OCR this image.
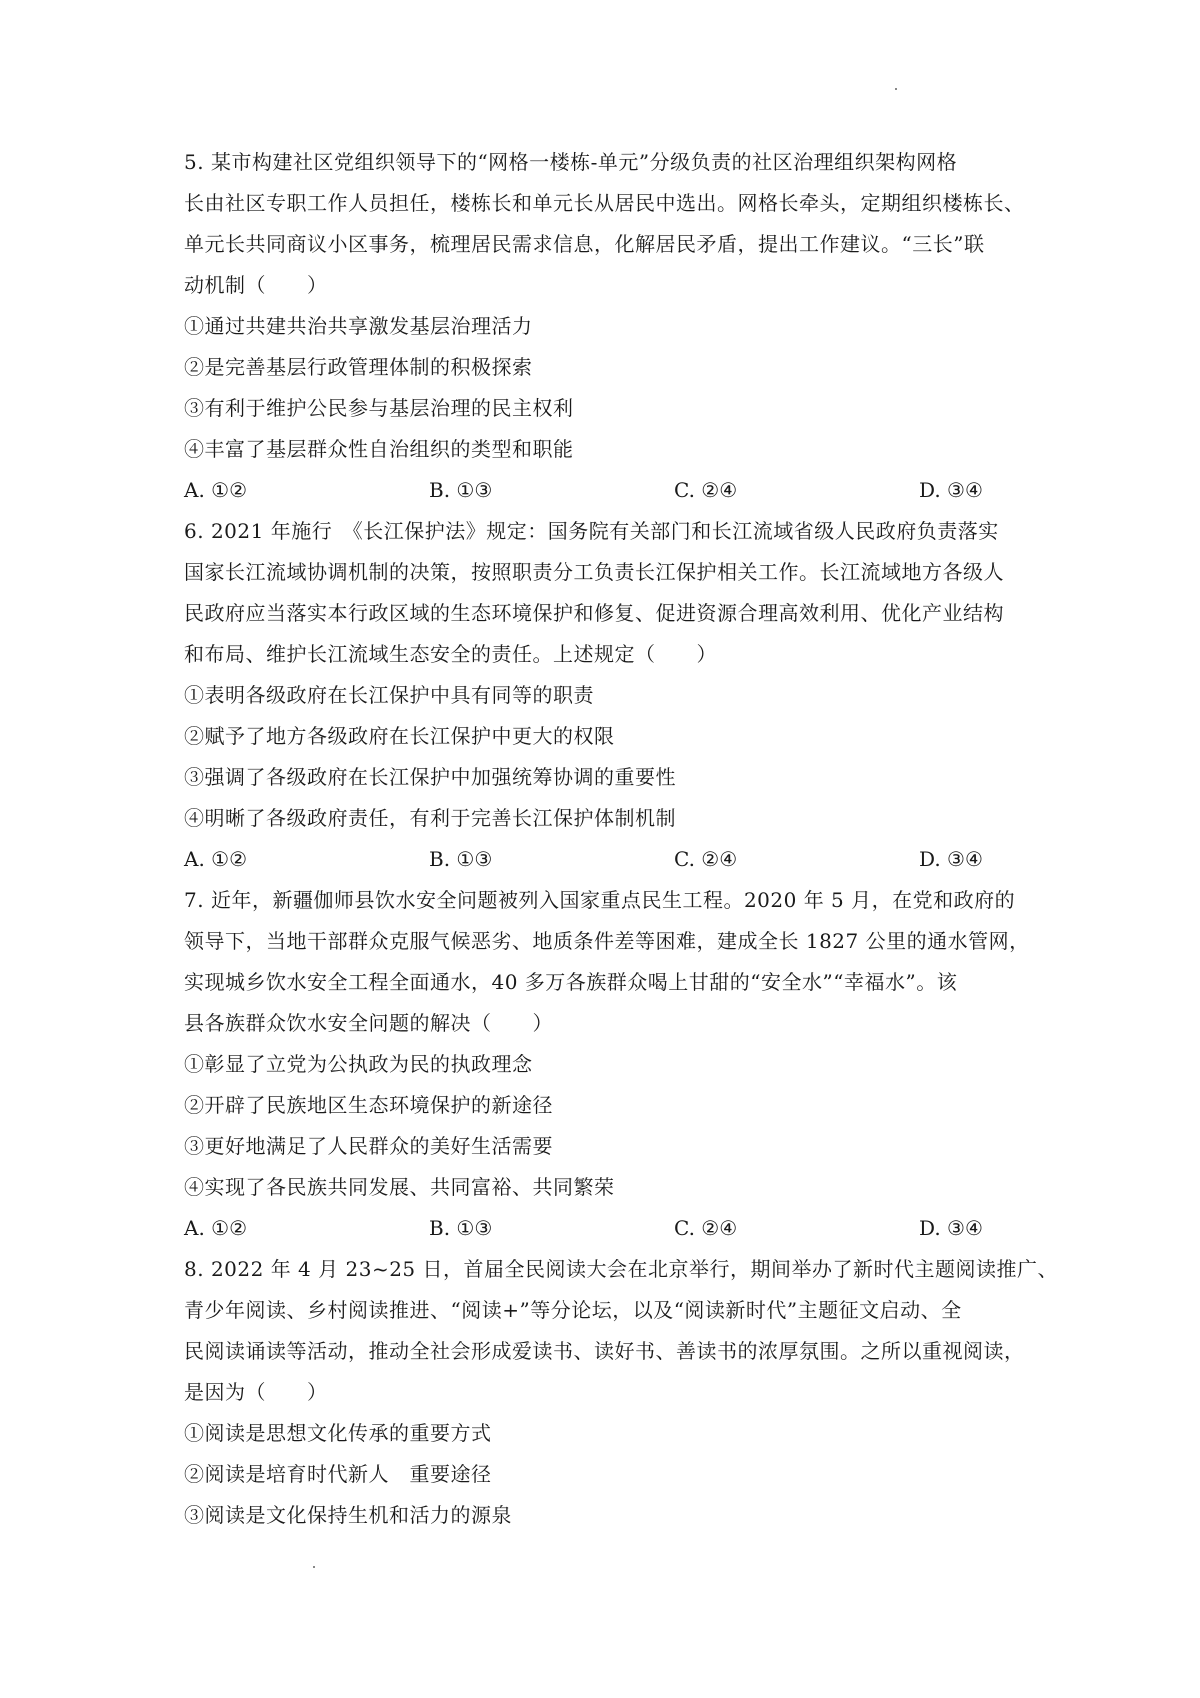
5. 某市构建社区党组织领导下的“网格一楼栋-单元”分级负责的社区治理组织架构网格
长由社区专职工作人员担任，楼栋长和单元长从居民中选出。网格长牵头，定期组织楼栋长、
单元长共同商议小区事务，梳理居民需求信息，化解居民矛盾，提出工作建议。“三长”联
动机制（　　）
①通过共建共治共享激发基层治理活力
②是完善基层行政管理体制的积极探索
③有利于维护公民参与基层治理的民主权利
④丰富了基层群众性自治组织的类型和职能
A. ①②	B. ①③	C. ②④	D. ③④
6. 2021 年施行　《长江保护法》规定：国务院有关部门和长江流域省级人民政府负责落实
国家长江流域协调机制的决策，按照职责分工负责长江保护相关工作。长江流域地方各级人
民政府应当落实本行政区域的生态环境保护和修复、促进资源合理高效利用、优化产业结构
和布局、维护长江流域生态安全的责任。上述规定（　　）
①表明各级政府在长江保护中具有同等的职责
②赋予了地方各级政府在长江保护中更大的权限
③强调了各级政府在长江保护中加强统筹协调的重要性
④明晰了各级政府责任，有利于完善长江保护体制机制
A. ①②	B. ①③	C. ②④	D. ③④
7. 近年，新疆伽师县饮水安全问题被列入国家重点民生工程。2020 年 5 月，在党和政府的
领导下，当地干部群众克服气候恶劣、地质条件差等困难，建成全长 1827 公里的通水管网，
实现城乡饮水安全工程全面通水，40 多万各族群众喝上甘甜的“安全水”“幸福水”。该
县各族群众饮水安全问题的解决（　　）
①彰显了立党为公执政为民的执政理念
②开辟了民族地区生态环境保护的新途径
③更好地满足了人民群众的美好生活需要
④实现了各民族共同发展、共同富裕、共同繁荣
A. ①②	B. ①③	C. ②④	D. ③④
8. 2022 年 4 月 23~25 日，首届全民阅读大会在北京举行，期间举办了新时代主题阅读推广、
青少年阅读、乡村阅读推进、“阅读+”等分论坛，以及“阅读新时代”主题征文启动、全
民阅读诵读等活动，推动全社会形成爱读书、读好书、善读书的浓厚氛围。之所以重视阅读，
是因为（　　）
①阅读是思想文化传承的重要方式
②阅读是培育时代新人　重要途径
③阅读是文化保持生机和活力的源泉
